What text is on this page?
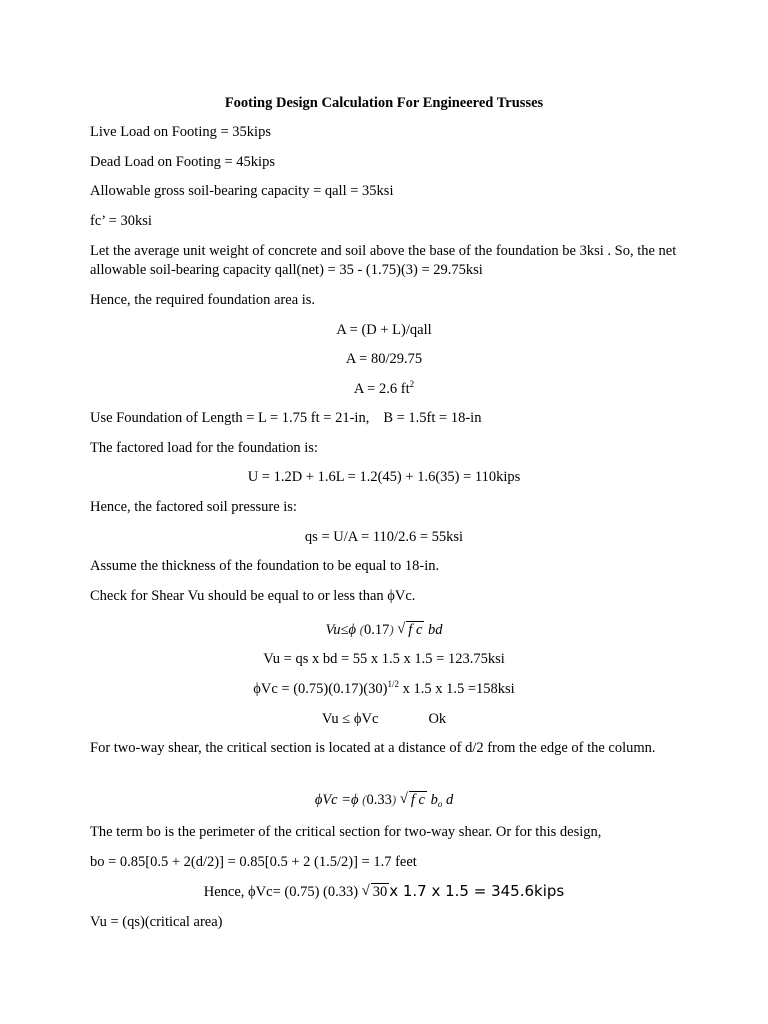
Footing Design Calculation For Engineered Trusses
Live Load on Footing = 35kips
Dead Load on Footing = 45kips
Allowable gross soil-bearing capacity = qall = 35ksi
fc’ = 30ksi
Let the average unit weight of concrete and soil above the base of the foundation be 3ksi . So, the net allowable soil-bearing capacity qall(net) = 35 - (1.75)(3) = 29.75ksi
Hence, the required foundation area is.
A = (D + L)/qall
A = 80/29.75
A = 2.6 $ft^2$
Use Foundation of Length = L = 1.75 ft = 21-in, B = 1.5ft = 18-in
The factored load for the foundation is:
U = 1.2D + 1.6L = 1.2(45) + 1.6(35) = 110kips
Hence, the factored soil pressure is:
qs = U/A = 110/2.6 = 55ksi
Assume the thickness of the foundation to be equal to 18-in.
Check for Shear Vu should be equal to or less than ϕVc.
Vu≤ϕ (0.17) √ f c bd
Vu = qs x bd = 55 x 1.5 x 1.5 = 123.75ksi
$\phi Vc = (0.75)(0.17)(30)^{1/2}$ x 1.5 x 1.5 =158ksi
Vu ≤ ϕVc	Ok
For two-way shear, the critical section is located at a distance of d/2 from the edge of the column.
ϕVc =ϕ (0.33) √ f c $b_o$ d
The term bo is the perimeter of the critical section for two-way shear. Or for this design,
bo = 0.85[0.5 + 2(d/2)] = 0.85[0.5 + 2 (1.5/2)] = 1.7 feet
Hence, ϕVc= (0.75) (0.33) √ 30 x 1.7 x 1.5 = 345.6kips
Vu = (qs)(critical area)
